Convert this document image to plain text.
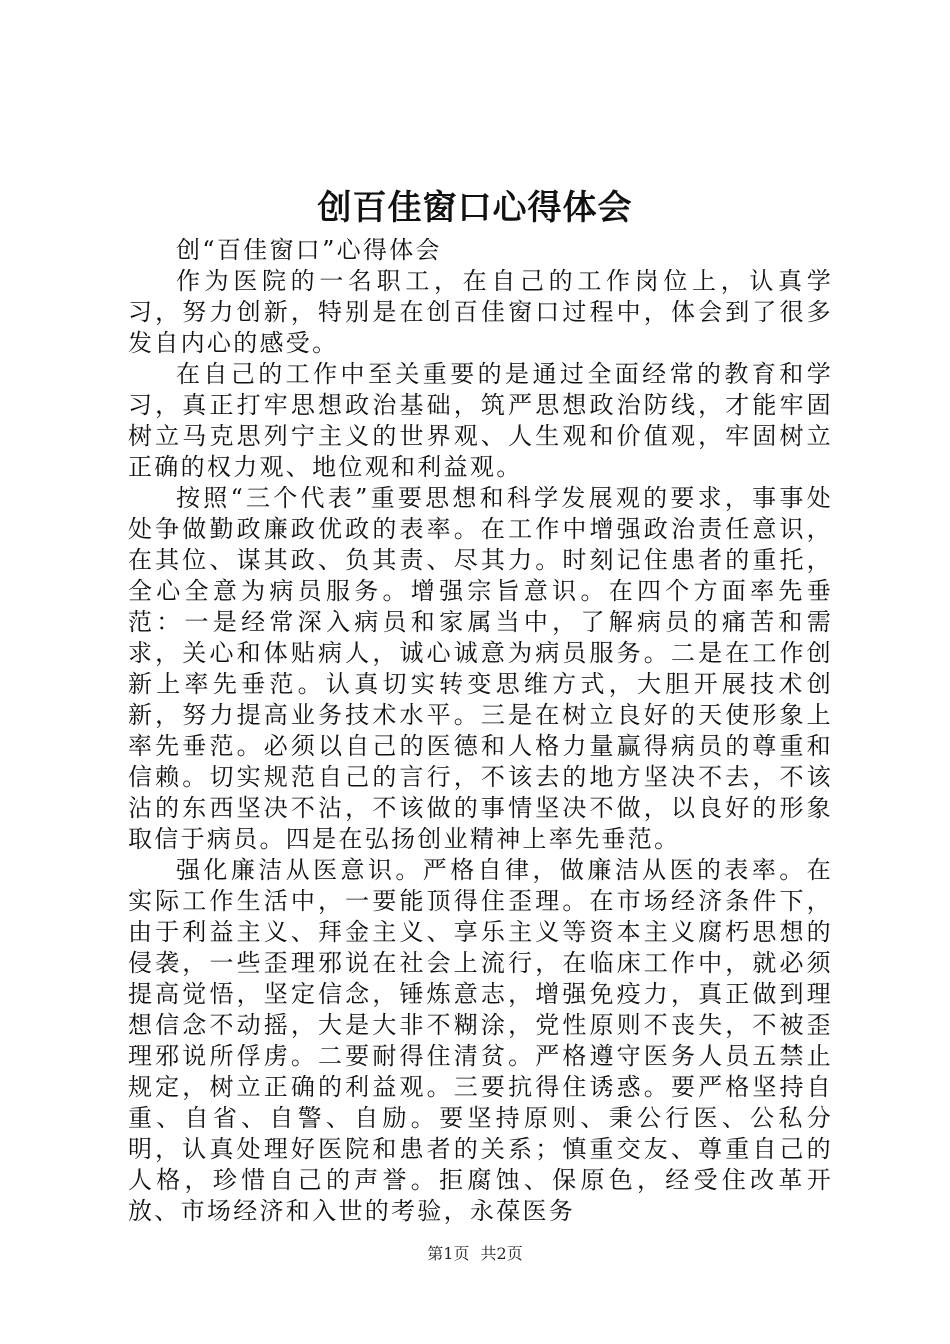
创百佳窗口心得体会

创“百佳窗口”心得体会

作为医院的一名职工，在自己的工作岗位上，认真学习，努力创新，特别是在创百佳窗口过程中，体会到了很多发自内心的感受。

在自己的工作中至关重要的是通过全面经常的教育和学习，真正打牢思想政治基础，筑严思想政治防线，才能牢固树立马克思列宁主义的世界观、人生观和价值观，牢固树立正确的权力观、地位观和利益观。

按照“三个代表”重要思想和科学发展观的要求，事事处处争做勤政廉政优政的表率。在工作中增强政治责任意识，在其位、谋其政、负其责、尽其力。时刻记住患者的重托，全心全意为病员服务。增强宗旨意识。在四个方面率先垂范：一是经常深入病员和家属当中，了解病员的痛苦和需求，关心和体贴病人，诚心诚意为病员服务。二是在工作创新上率先垂范。认真切实转变思维方式，大胆开展技术创新，努力提高业务技术水平。三是在树立良好的天使形象上率先垂范。必须以自己的医德和人格力量赢得病员的尊重和信赖。切实规范自己的言行，不该去的地方坚决不去，不该沾的东西坚决不沾，不该做的事情坚决不做，以良好的形象取信于病员。四是在弘扬创业精神上率先垂范。

强化廉洁从医意识。严格自律，做廉洁从医的表率。在实际工作生活中，一要能顶得住歪理。在市场经济条件下，由于利益主义、拜金主义、享乐主义等资本主义腐朽思想的侵袭，一些歪理邪说在社会上流行，在临床工作中，就必须提高觉悟，坚定信念，锤炼意志，增强免疫力，真正做到理想信念不动摇，大是大非不糊涂，党性原则不丧失，不被歪理邪说所俘虏。二要耐得住清贫。严格遵守医务人员五禁止规定，树立正确的利益观。三要抗得住诱惑。要严格坚持自重、自省、自警、自励。要坚持原则、秉公行医、公私分明，认真处理好医院和患者的关系；慎重交友、尊重自己的人格，珍惜自己的声誉。拒腐蚀、保原色，经受住改革开放、市场经济和入世的考验，永葆医务

第1页 共2页
